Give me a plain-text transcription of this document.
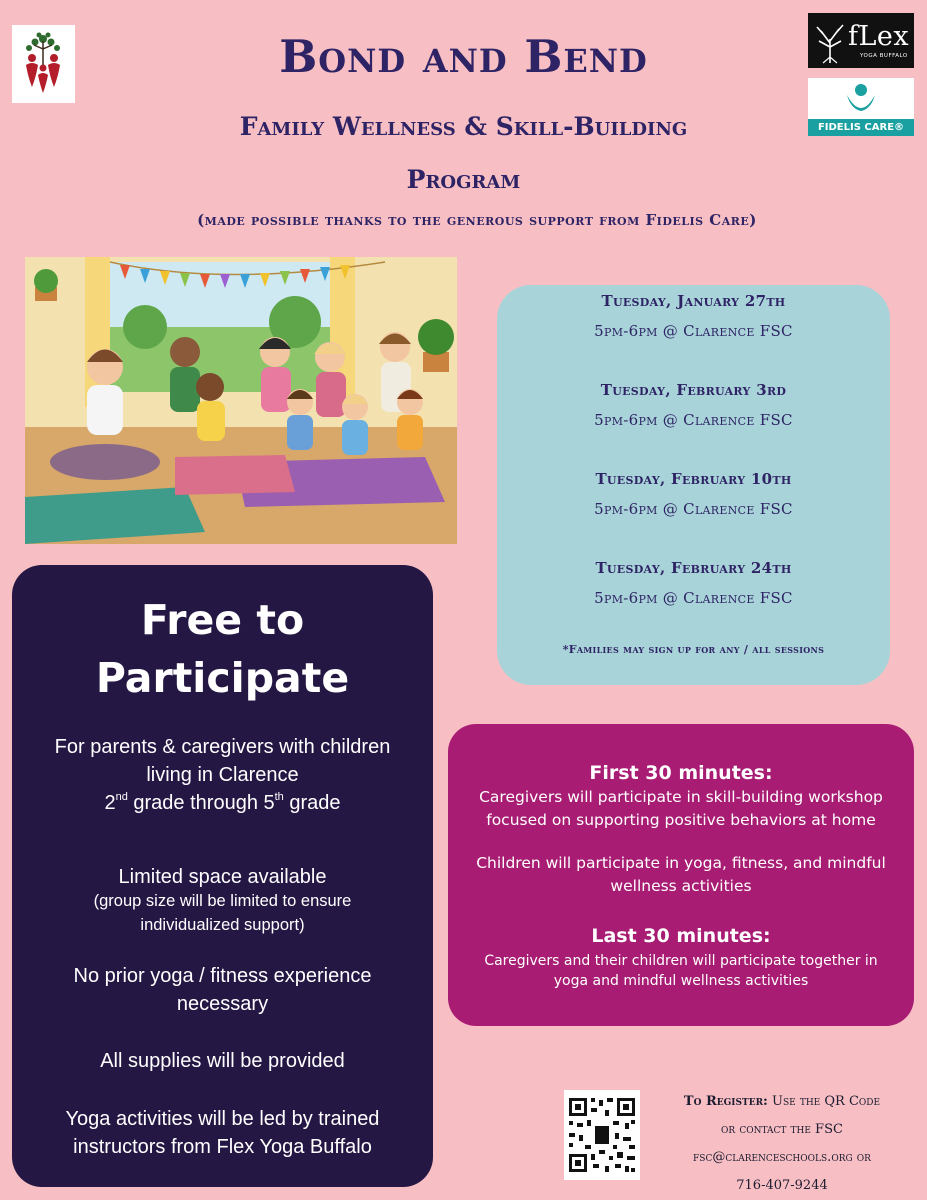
fLex
YOGA BUFFALO
FIDELIS CARE®
Bond and Bend
Family Wellness & Skill-Building
Program
(made possible thanks to the generous support from Fidelis Care)
Tuesday, January 27th
5pm-6pm @ Clarence FSC
Tuesday, February 3rd
5pm-6pm @ Clarence FSC
Tuesday, February 10th
5pm-6pm @ Clarence FSC
Tuesday, February 24th
5pm-6pm @ Clarence FSC
*Families may sign up for any / all sessions
Free to
Participate
For parents & caregivers with children
living in Clarence
2nd grade through 5th grade
Limited space available
(group size will be limited to ensure
individualized support)
No prior yoga / fitness experience
necessary
All supplies will be provided
Yoga activities will be led by trained
instructors from Flex Yoga Buffalo
First 30 minutes:
Caregivers will participate in skill-building workshop
focused on supporting positive behaviors at home
Children will participate in yoga, fitness, and mindful
wellness activities
Last 30 minutes:
Caregivers and their children will participate together in
yoga and mindful wellness activities
To Register: Use the QR Code
or contact the FSC
fsc@clarenceschools.org or
716-407-9244
